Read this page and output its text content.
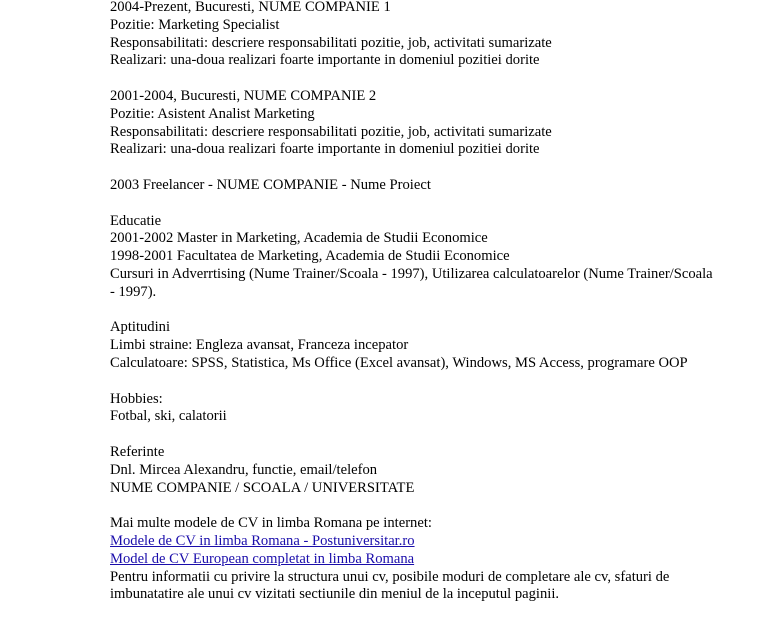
2004-Prezent, Bucuresti, NUME COMPANIE 1
Pozitie: Marketing Specialist
Responsabilitati: descriere responsabilitati pozitie, job, activitati sumarizate
Realizari: una-doua realizari foarte importante in domeniul pozitiei dorite
2001-2004, Bucuresti, NUME COMPANIE 2
Pozitie: Asistent Analist Marketing
Responsabilitati: descriere responsabilitati pozitie, job, activitati sumarizate
Realizari: una-doua realizari foarte importante in domeniul pozitiei dorite
2003 Freelancer - NUME COMPANIE - Nume Proiect
Educatie
2001-2002 Master in Marketing, Academia de Studii Economice
1998-2001 Facultatea de Marketing, Academia de Studii Economice
Cursuri in Adverrtising (Nume Trainer/Scoala - 1997), Utilizarea calculatoarelor (Nume Trainer/Scoala - 1997).
Aptitudini
Limbi straine: Engleza avansat, Franceza incepator
Calculatoare: SPSS, Statistica, Ms Office (Excel avansat), Windows, MS Access, programare OOP
Hobbies:
Fotbal, ski, calatorii
Referinte
Dnl. Mircea Alexandru, functie, email/telefon
NUME COMPANIE / SCOALA / UNIVERSITATE
Mai multe modele de CV in limba Romana pe internet:
Modele de CV in limba Romana - Postuniversitar.ro
Model de CV European completat in limba Romana
Pentru informatii cu privire la structura unui cv, posibile moduri de completare ale cv, sfaturi de imbunatatire ale unui cv vizitati sectiunile din meniul de la inceputul paginii.
